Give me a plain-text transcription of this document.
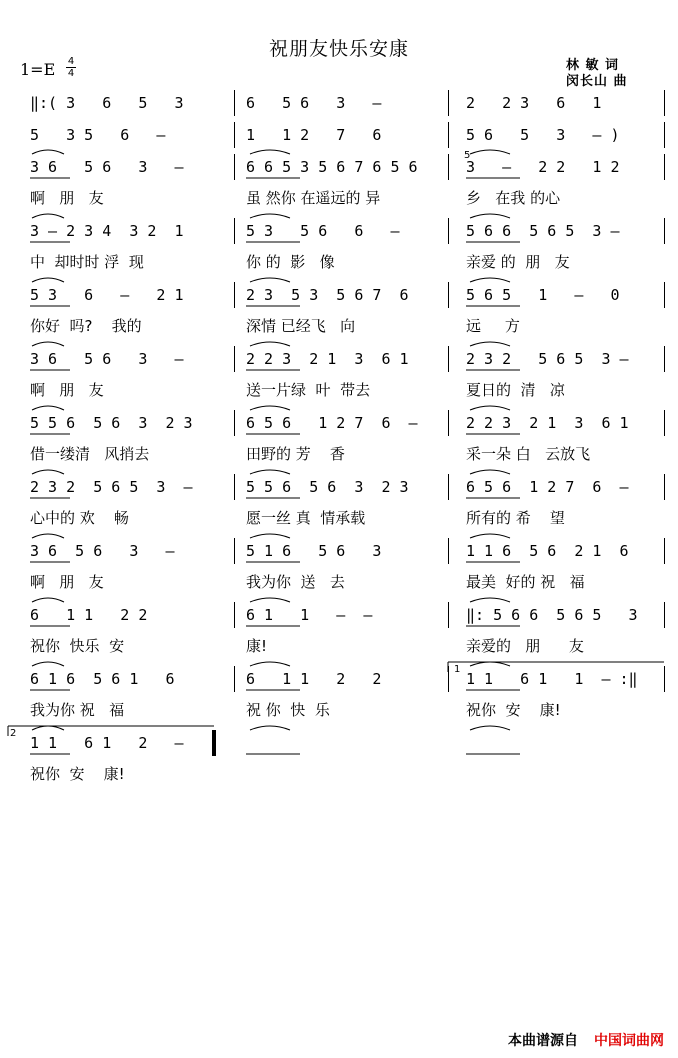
祝朋友快乐安康
1=E 4
4
林 敏 词
闵长山 曲
‖:( 3   6   5   3	6   5 6   3   —	2   2 3   6   1
5   3 5   6   —	1   1 2   7   6	5 6   5   3   — )
3 6   5 6   3   —
啊   朋   友
6 6 5 3 5 6 7 6 5 6
虽 然你 在遥远的 异
3   —   2 2   1 2
乡   在我 的心
3 — 2 3 4  3 2  1
中  却时时 浮  现
5 3   5 6   6   —
你 的  影   像
5 6 6  5 6 5  3 —
亲爱 的  朋   友
5 3   6   —   2 1
你好  吗?    我的
2 3  5 3  5 6 7  6
深情 已经飞   向
5 6 5   1   —   0
远     方
3 6   5 6   3   —
啊   朋   友
2 2 3  2 1  3  6 1
送一片绿  叶  带去
2 3 2   5 6 5  3 —
夏日的  清   凉
5 5 6  5 6  3  2 3
借一缕清   风捎去
6 5 6   1 2 7  6  —
田野的 芳    香
2 2 3  2 1  3  6 1
采一朵 白   云放飞
2 3 2  5 6 5  3  —
心中的 欢    畅
5 5 6  5 6  3  2 3
愿一丝 真  情承载
6 5 6  1 2 7  6  —
所有的 希    望
3 6  5 6   3   —
啊   朋   友
5 1 6   5 6   3
我为你  送   去
1 1 6  5 6  2 1  6
最美  好的 祝   福
6   1 1   2 2
祝你  快乐  安
6 1   1   —  —
康!
‖: 5 6 6  5 6 5   3
亲爱的   朋      友
6 1 6  5 6 1   6
我为你 祝   福
6   1 1   2   2
祝 你  快  乐
1 1   6 1   1  — :‖
祝你  安    康!
1 1   6 1   2   —
祝你  安    康!
5
1
2
本曲谱源自 中国词曲网
